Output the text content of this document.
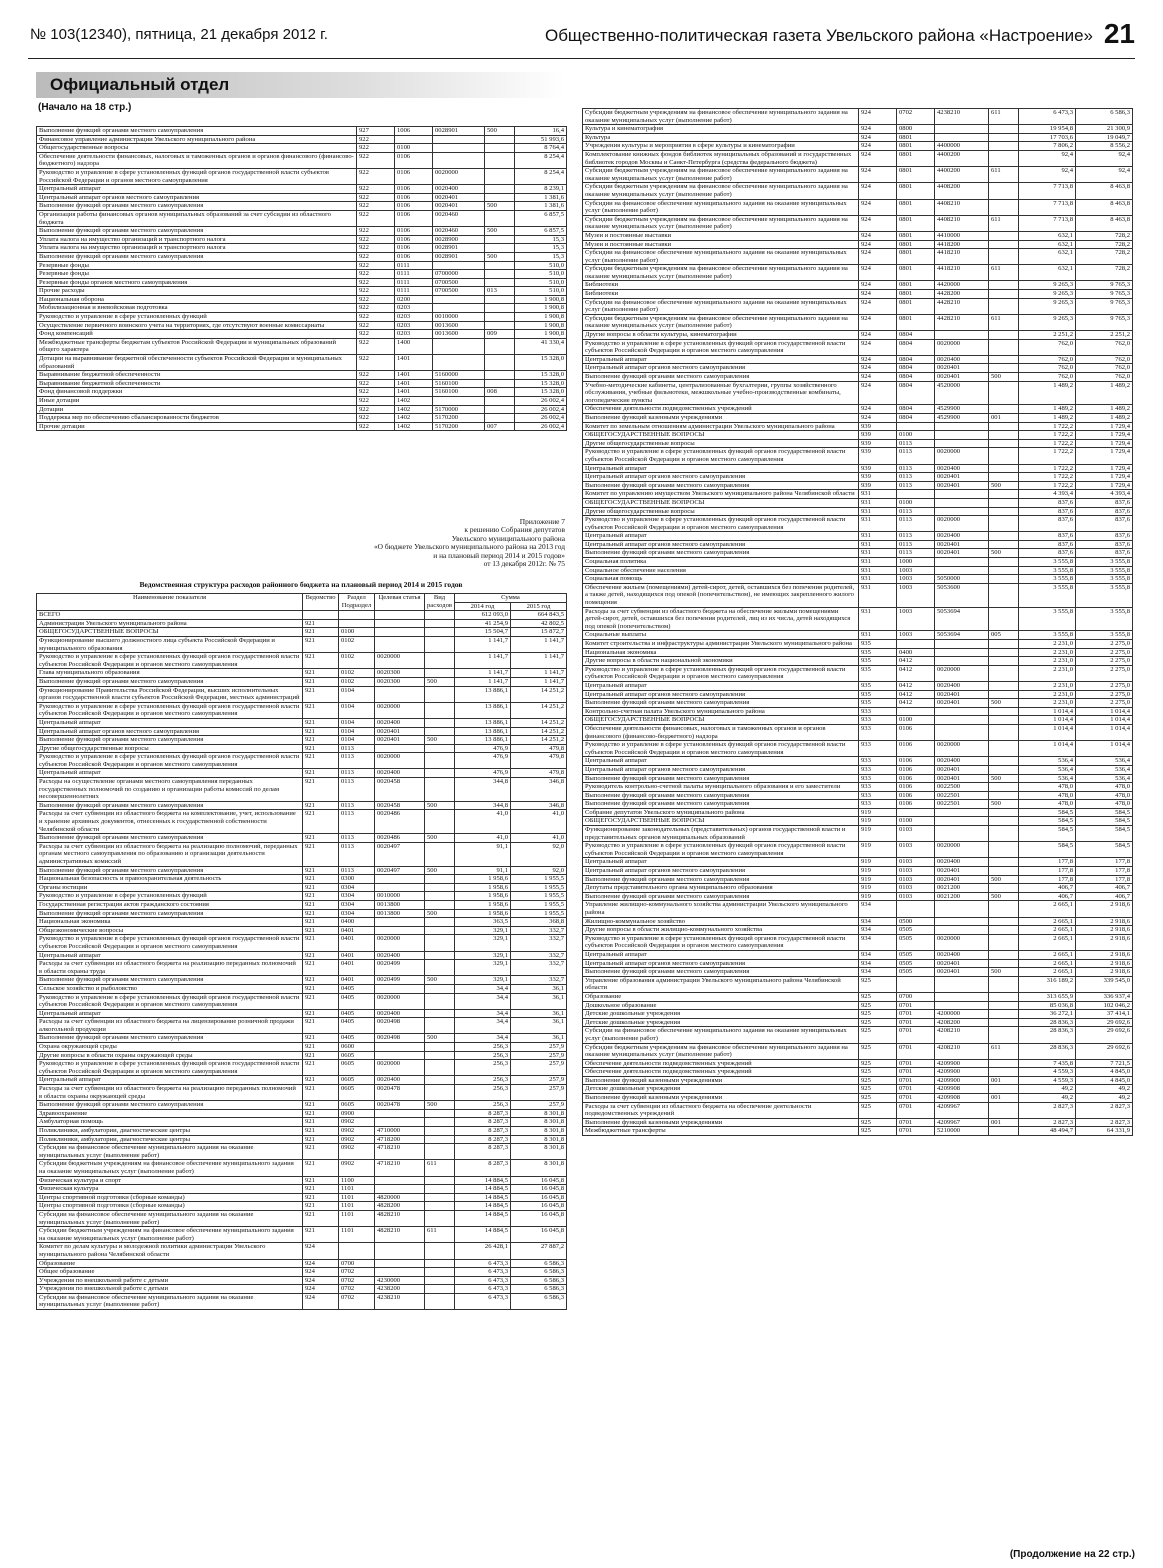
№ 103(12340), пятница, 21 декабря 2012 г.	Общественно-политическая газета Увельского района «Настроение» 21
Официальный отдел
(Начало на 18 стр.)
Выполнение функций органами местного самоуправления	927	1006	0028901	500	16,4
Финансовое управление администрации Увельского муниципального района	922				51 993,6
Общегосударственные вопросы	922	0100			8 764,4
Обеспечение деятельности финансовых, налоговых и таможенных органов и органов финансового (финансово-бюджетного) надзора	922	0106			8 254,4
Руководство и управление в сфере установленных функций органов государственной власти субъектов Российской Федерации и органов местного самоуправления	922	0106	0020000		8 254,4
Центральный аппарат	922	0106	0020400		8 239,1
Центральный аппарат органов местного самоуправления	922	0106	0020401		1 381,6
Выполнение функций органами местного самоуправления	922	0106	0020401	500	1 381,6
Организация работы финансовых органов муниципальных образований за счет субсидии из областного бюджета	922	0106	0020460		6 857,5
Выполнение функций органами местного самоуправления	922	0106	0020460	500	6 857,5
Уплата налога на имущество организаций и транспортного налога	922	0106	0028900		15,3
Уплата налога на имущество организаций и транспортного налога	922	0106	0028901		15,3
Выполнение функций органами местного самоуправления	922	0106	0028901	500	15,3
Резервные фонды	922	0111			510,0
Резервные фонды	922	0111	0700000		510,0
Резервные фонды органов местного самоуправления	922	0111	0700500		510,0
Прочие расходы	922	0111	0700500	013	510,0
Национальная оборона	922	0200			1 900,8
Мобилизационная и вневойсковая подготовка	922	0203			1 900,8
Руководство и управление в сфере установленных функций	922	0203	0010000		1 900,8
Осуществление первичного воинского учета на территориях, где отсутствуют военные комиссариаты	922	0203	0013600		1 900,8
Фонд компенсаций	922	0203	0013600	009	1 900,8
Межбюджетные трансферты бюджетам субъектов Российской Федерации и муниципальных образований общего характера	922	1400			41 330,4
Дотации на выравнивание бюджетной обеспеченности субъектов Российской Федерации и муниципальных образований	922	1401			15 328,0
Выравнивание бюджетной обеспеченности	922	1401	5160000		15 328,0
Выравнивание бюджетной обеспеченности	922	1401	5160100		15 328,0
Фонд финансовой поддержки	922	1401	5160100	008	15 328,0
Иные дотации	922	1402			26 002,4
Дотации	922	1402	5170000		26 002,4
Поддержка мер по обеспечению сбалансированности бюджетов	922	1402	5170200		26 002,4
Прочие дотации	922	1402	5170200	007	26 002,4
Приложение 7
к решению Собрания депутатов
Увельского муниципального района
«О бюджете Увельского муниципального района на 2013 год
и на плановый период 2014 и 2015 годов»
от 13 декабря 2012г. № 75
Ведомственная структура расходов районного бюджета на плановый период 2014 и 2015 годов
Наименование показателя	Ведомство	Раздел Подраздел	Целевая статья	Вид расходов	Сумма	
					2014 год	2015 год
ВСЕГО					612 093,0	664 843,5
Администрация Увельского муниципального района	921				41 254,9	42 802,5
ОБЩЕГОСУДАРСТВЕННЫЕ ВОПРОСЫ	921	0100			15 504,7	15 872,7
Функционирование высшего должностного лица субъекта Российской Федерации и муниципального образования	921	0102			1 141,7	1 141,7
Руководство и управление в сфере установленных функций органов государственной власти субъектов Российской Федерации и органов местного самоуправления	921	0102	0020000		1 141,7	1 141,7
Глава муниципального образования	921	0102	0020300		1 141,7	1 141,7
Выполнение функций органами местного самоуправления	921	0102	0020300	500	1 141,7	1 141,7
Функционирование Правительства Российской Федерации, высших исполнительных органов государственной власти субъектов Российской Федерации, местных администраций	921	0104			13 886,1	14 251,2
Руководство и управление в сфере установленных функций органов государственной власти субъектов Российской Федерации и органов местного самоуправления	921	0104	0020000		13 886,1	14 251,2
Центральный аппарат	921	0104	0020400		13 886,1	14 251,2
Центральный аппарат органов местного самоуправления	921	0104	0020401		13 886,1	14 251,2
Выполнение функций органами местного самоуправления	921	0104	0020401	500	13 886,1	14 251,2
Другие общегосударственные вопросы	921	0113			476,9	479,8
Руководство и управление в сфере установленных функций органов государственной власти субъектов Российской Федерации и органов местного самоуправления	921	0113	0020000		476,9	479,8
Центральный аппарат	921	0113	0020400		476,9	479,8
Расходы на осуществление органами местного самоуправления переданных государственных полномочий по созданию и организации работы комиссий по делам несовершеннолетних	921	0113	0020458		344,8	346,8
Выполнение функций органами местного самоуправления	921	0113	0020458	500	344,8	346,8
Расходы за счет субвенции из областного бюджета на комплектование, учет, использование и хранение архивных документов, отнесенных к государственной собственности Челябинской области	921	0113	0020486		41,0	41,0
Выполнение функций органами местного самоуправления	921	0113	0020486	500	41,0	41,0
Расходы за счет субвенции из областного бюджета на реализацию полномочий, переданных органам местного самоуправления по образованию и организации деятельности административных комиссий	921	0113	0020497		91,1	92,0
Выполнение функций органами местного самоуправления	921	0113	0020497	500	91,1	92,0
Национальная безопасность и правоохранительная деятельность	921	0300			1 958,6	1 955,5
Органы юстиции	921	0304			1 958,6	1 955,5
Руководство и управление в сфере установленных функций	921	0304	0010000		1 958,6	1 955,5
Государственная регистрация актов гражданского состояния	921	0304	0013800		1 958,6	1 955,5
Выполнение функций органами местного самоуправления	921	0304	0013800	500	1 958,6	1 955,5
Национальная экономика	921	0400			363,5	368,8
Общеэкономические вопросы	921	0401			329,1	332,7
Руководство и управление в сфере установленных функций органов государственной власти субъектов Российской Федерации и органов местного самоуправления	921	0401	0020000		329,1	332,7
Центральный аппарат	921	0401	0020400		329,1	332,7
Расходы за счет субвенции из областного бюджета на реализацию переданных полномочий в области охраны труда	921	0401	0020499		329,1	332,7
Выполнение функций органами местного самоуправления	921	0401	0020499	500	329,1	332,7
Сельское хозяйство и рыболовство	921	0405			34,4	36,1
Руководство и управление в сфере установленных функций органов государственной власти субъектов Российской Федерации и органов местного самоуправления	921	0405	0020000		34,4	36,1
Центральный аппарат	921	0405	0020400		34,4	36,1
Расходы за счет субвенции из областного бюджета на лицензирование розничной продажи алкогольной продукции	921	0405	0020498		34,4	36,1
Выполнение функций органами местного самоуправления	921	0405	0020498	500	34,4	36,1
Охрана окружающей среды	921	0600			256,3	257,9
Другие вопросы в области охраны окружающей среды	921	0605			256,3	257,9
Руководство и управление в сфере установленных функций органов государственной власти субъектов Российской Федерации и органов местного самоуправления	921	0605	0020000		256,3	257,9
Центральный аппарат	921	0605	0020400		256,3	257,9
Расходы за счет субвенции из областного бюджета на реализацию переданных полномочий в области охраны окружающей среды	921	0605	0020478		256,3	257,9
Выполнение функций органами местного самоуправления	921	0605	0020478	500	256,3	257,9
Здравоохранение	921	0900			8 287,3	8 301,8
Амбулаторная помощь	921	0902			8 287,3	8 301,8
Поликлиники, амбулатории, диагностические центры	921	0902	4710000		8 287,3	8 301,8
Поликлиники, амбулатории, диагностические центры	921	0902	4718200		8 287,3	8 301,8
Субсидии на финансовое обеспечение муниципального задания на оказание муниципальных услуг (выполнение работ)	921	0902	4718210		8 287,3	8 301,8
Субсидии бюджетным учреждениям на финансовое обеспечение муниципального задания на оказание муниципальных услуг (выполнение работ)	921	0902	4718210	611	8 287,3	8 301,8
Физическая культура и спорт	921	1100			14 884,5	16 045,8
Физическая культура	921	1101			14 884,5	16 045,8
Центры спортивной подготовки (сборные команды)	921	1101	4820000		14 884,5	16 045,8
Центры спортивной подготовки (сборные команды)	921	1101	4828200		14 884,5	16 045,8
Субсидии на финансовое обеспечение муниципального задания на оказание муниципальных услуг (выполнение работ)	921	1101	4828210		14 884,5	16 045,8
Субсидии бюджетным учреждениям на финансовое обеспечение муниципального задания на оказание муниципальных услуг (выполнение работ)	921	1101	4828210	611	14 884,5	16 045,8
Комитет по делам культуры и молодежной политики администрации Увельского муниципального района Челябинской области	924				26 428,1	27 887,2
Образование	924	0700			6 473,3	6 586,3
Общее образование	924	0702			6 473,3	6 586,3
Учреждения по внешкольной работе с детьми	924	0702	4230000		6 473,3	6 586,3
Учреждения по внешкольной работе с детьми	924	0702	4238200		6 473,3	6 586,3
Субсидии на финансовое обеспечение муниципального задания на оказание муниципальных услуг (выполнение работ)	924	0702	4238210		6 473,3	6 586,3
Субсидии бюджетным учреждениям на финансовое обеспечение муниципального задания на оказание муниципальных услуг (выполнение работ)	924	0702	4238210	611	6 473,3	6 586,3
Культура и кинематография	924	0800			19 954,8	21 300,9
Культура	924	0801			17 703,6	19 049,7
Учреждения культуры и мероприятия в сфере культуры и кинематографии	924	0801	4400000		7 806,2	8 556,2
Комплектование книжных фондов библиотек муниципальных образований и государственных библиотек городов Москвы и Санкт-Петербурга (средства федерального бюджета)	924	0801	4400200		92,4	92,4
Субсидии бюджетным учреждениям на финансовое обеспечение муниципального задания на оказание муниципальных услуг (выполнение работ)	924	0801	4400200	611	92,4	92,4
Субсидии бюджетным учреждениям на финансовое обеспечение муниципального задания на оказание муниципальных услуг (выполнение работ)	924	0801	4408200		7 713,8	8 463,8
Субсидии на финансовое обеспечение муниципального задания на оказание муниципальных услуг (выполнение работ)	924	0801	4408210		7 713,8	8 463,8
Субсидии бюджетным учреждениям на финансовое обеспечение муниципального задания на оказание муниципальных услуг (выполнение работ)	924	0801	4408210	611	7 713,8	8 463,8
Музеи и постоянные выставки	924	0801	4410000		632,1	728,2
Музеи и постоянные выставки	924	0801	4418200		632,1	728,2
Субсидии на финансовое обеспечение муниципального задания на оказание муниципальных услуг (выполнение работ)	924	0801	4418210		632,1	728,2
Субсидии бюджетным учреждениям на финансовое обеспечение муниципального задания на оказание муниципальных услуг (выполнение работ)	924	0801	4418210	611	632,1	728,2
Библиотеки	924	0801	4420000		9 265,3	9 765,3
Библиотеки	924	0801	4428200		9 265,3	9 765,3
Субсидии на финансовое обеспечение муниципального задания на оказание муниципальных услуг (выполнение работ)	924	0801	4428210		9 265,3	9 765,3
Субсидии бюджетным учреждениям на финансовое обеспечение муниципального задания на оказание муниципальных услуг (выполнение работ)	924	0801	4428210	611	9 265,3	9 765,3
Другие вопросы в области культуры, кинематографии	924	0804			2 251,2	2 251,2
Руководство и управление в сфере установленных функций органов государственной власти субъектов Российской Федерации и органов местного самоуправления	924	0804	0020000		762,0	762,0
Центральный аппарат	924	0804	0020400		762,0	762,0
Центральный аппарат органов местного самоуправления	924	0804	0020401		762,0	762,0
Выполнение функций органами местного самоуправления	924	0804	0020401	500	762,0	762,0
Учебно-методические кабинеты, централизованные бухгалтерии, группы хозяйственного обслуживания, учебные фильмотеки, межшкольные учебно-производственные комбинаты, логопедические пункты	924	0804	4520000		1 489,2	1 489,2
Обеспечение деятельности подведомственных учреждений	924	0804	4529900		1 489,2	1 489,2
Выполнение функций казенными учреждениями	924	0804	4529900	001	1 489,2	1 489,2
Комитет по земельным отношениям администрации Увельского муниципального района	939				1 722,2	1 729,4
ОБЩЕГОСУДАРСТВЕННЫЕ ВОПРОСЫ	939	0100			1 722,2	1 729,4
Другие общегосударственные вопросы	939	0113			1 722,2	1 729,4
Руководство и управление в сфере установленных функций органов государственной власти субъектов Российской Федерации и органов местного самоуправления	939	0113	0020000		1 722,2	1 729,4
Центральный аппарат	939	0113	0020400		1 722,2	1 729,4
Центральный аппарат органов местного самоуправления	939	0113	0020401		1 722,2	1 729,4
Выполнение функций органами местного самоуправления	939	0113	0020401	500	1 722,2	1 729,4
Комитет по управлению имуществом Увельского муниципального района Челябинской области	931				4 393,4	4 393,4
ОБЩЕГОСУДАРСТВЕННЫЕ ВОПРОСЫ	931	0100			837,6	837,6
Другие общегосударственные вопросы	931	0113			837,6	837,6
Руководство и управление в сфере установленных функций органов государственной власти субъектов Российской Федерации и органов местного самоуправления	931	0113	0020000		837,6	837,6
Центральный аппарат	931	0113	0020400		837,6	837,6
Центральный аппарат органов местного самоуправления	931	0113	0020401		837,6	837,6
Выполнение функций органами местного самоуправления	931	0113	0020401	500	837,6	837,6
Социальная политика	931	1000			3 555,8	3 555,8
Социальное обеспечение населения	931	1003			3 555,8	3 555,8
Социальная помощь	931	1003	5050000		3 555,8	3 555,8
Обеспечение жильем (помещениями) детей-сирот, детей, оставшихся без попечения родителей, а также детей, находящихся под опекой (попечительством), не имеющих закрепленного жилого помещения	931	1003	5053600		3 555,8	3 555,8
Расходы за счет субвенции из областного бюджета на обеспечение жилыми помещениями детей-сирот, детей, оставшихся без попечения родителей, лиц из их числа, детей находящихся под опекой (попечительством)	931	1003	5053694		3 555,8	3 555,8
Социальные выплаты	931	1003	5053694	005	3 555,8	3 555,8
Комитет строительства и инфраструктуры администрации Увельского муниципального района	935				2 231,0	2 275,0
Национальная экономика	935	0400			2 231,0	2 275,0
Другие вопросы в области национальной экономики	935	0412			2 231,0	2 275,0
Руководство и управление в сфере установленных функций органов государственной власти субъектов Российской Федерации и органов местного самоуправления	935	0412	0020000		2 231,0	2 275,0
Центральный аппарат	935	0412	0020400		2 231,0	2 275,0
Центральный аппарат органов местного самоуправления	935	0412	0020401		2 231,0	2 275,0
Выполнение функций органами местного самоуправления	935	0412	0020401	500	2 231,0	2 275,0
Контрольно-счетная палата Увельского муниципального района	933				1 014,4	1 014,4
ОБЩЕГОСУДАРСТВЕННЫЕ ВОПРОСЫ	933	0100			1 014,4	1 014,4
Обеспечение деятельности финансовых, налоговых и таможенных органов и органов финансового (финансово-бюджетного) надзора	933	0106			1 014,4	1 014,4
Руководство и управление в сфере установленных функций органов государственной власти субъектов Российской Федерации и органов местного самоуправления	933	0106	0020000		1 014,4	1 014,4
Центральный аппарат	933	0106	0020400		536,4	536,4
Центральный аппарат органов местного самоуправления	933	0106	0020401		536,4	536,4
Выполнение функций органами местного самоуправления	933	0106	0020401	500	536,4	536,4
Руководитель контрольно-счетной палаты муниципального образования и его заместители	933	0106	0022500		478,0	478,0
Выполнение функций органами местного самоуправления	933	0106	0022501		478,0	478,0
Выполнение функций органами местного самоуправления	933	0106	0022501	500	478,0	478,0
Собрание депутатов Увельского муниципального района	919				584,5	584,5
ОБЩЕГОСУДАРСТВЕННЫЕ ВОПРОСЫ	919	0100			584,5	584,5
Функционирование законодательных (представительных) органов государственной власти и представительных органов муниципальных образований	919	0103			584,5	584,5
Руководство и управление в сфере установленных функций органов государственной власти субъектов Российской Федерации и органов местного самоуправления	919	0103	0020000		584,5	584,5
Центральный аппарат	919	0103	0020400		177,8	177,8
Центральный аппарат органов местного самоуправления	919	0103	0020401		177,8	177,8
Выполнение функций органами местного самоуправления	919	0103	0020401	500	177,8	177,8
Депутаты представительного органа муниципального образования	919	0103	0021200		406,7	406,7
Выполнение функций органами местного самоуправления	919	0103	0021200	500	406,7	406,7
Управление жилищно-коммунального хозяйства администрации Увельского муниципального района	934				2 665,1	2 918,6
Жилищно-коммунальное хозяйство	934	0500			2 665,1	2 918,6
Другие вопросы в области жилищно-коммунального хозяйства	934	0505			2 665,1	2 918,6
Руководство и управление в сфере установленных функций органов государственной власти субъектов Российской Федерации и органов местного самоуправления	934	0505	0020000		2 665,1	2 918,6
Центральный аппарат	934	0505	0020400		2 665,1	2 918,6
Центральный аппарат органов местного самоуправления	934	0505	0020401		2 665,1	2 918,6
Выполнение функций органами местного самоуправления	934	0505	0020401	500	2 665,1	2 918,6
Управление образования администрации Увельского муниципального района Челябинской области	925				316 189,2	339 545,0
Образование	925	0700			313 655,9	336 937,4
Дошкольное образование	925	0701			85 036,8	102 046,2
Детские дошкольные учреждения	925	0701	4200000		36 272,1	37 414,1
Детские дошкольные учреждения	925	0701	4208200		28 836,3	29 692,6
Субсидии на финансовое обеспечение муниципального задания на оказание муниципальных услуг (выполнение работ)	925	0701	4208210		28 836,3	29 692,6
Субсидии бюджетным учреждениям на финансовое обеспечение муниципального задания на оказание муниципальных услуг (выполнение работ)	925	0701	4208210	611	28 836,3	29 692,6
Обеспечение деятельности подведомственных учреждений	925	0701	4209900		7 435,8	7 721,5
Обеспечение деятельности подведомственных учреждений	925	0701	4209900		4 559,3	4 845,0
Выполнение функций казенными учреждениями	925	0701	4209900	001	4 559,3	4 845,0
Детские дошкольные учреждения	925	0701	4209908		49,2	49,2
Выполнение функций казенными учреждениями	925	0701	4209908	001	49,2	49,2
Расходы за счет субвенции из областного бюджета на обеспечение деятельности подведомственных учреждений	925	0701	4209967		2 827,3	2 827,3
Выполнение функций казенными учреждениями	925	0701	4209967	001	2 827,3	2 827,3
Межбюджетные трансферты	925	0701	5210000		48 494,7	64 331,9
(Продолжение на 22 стр.)
